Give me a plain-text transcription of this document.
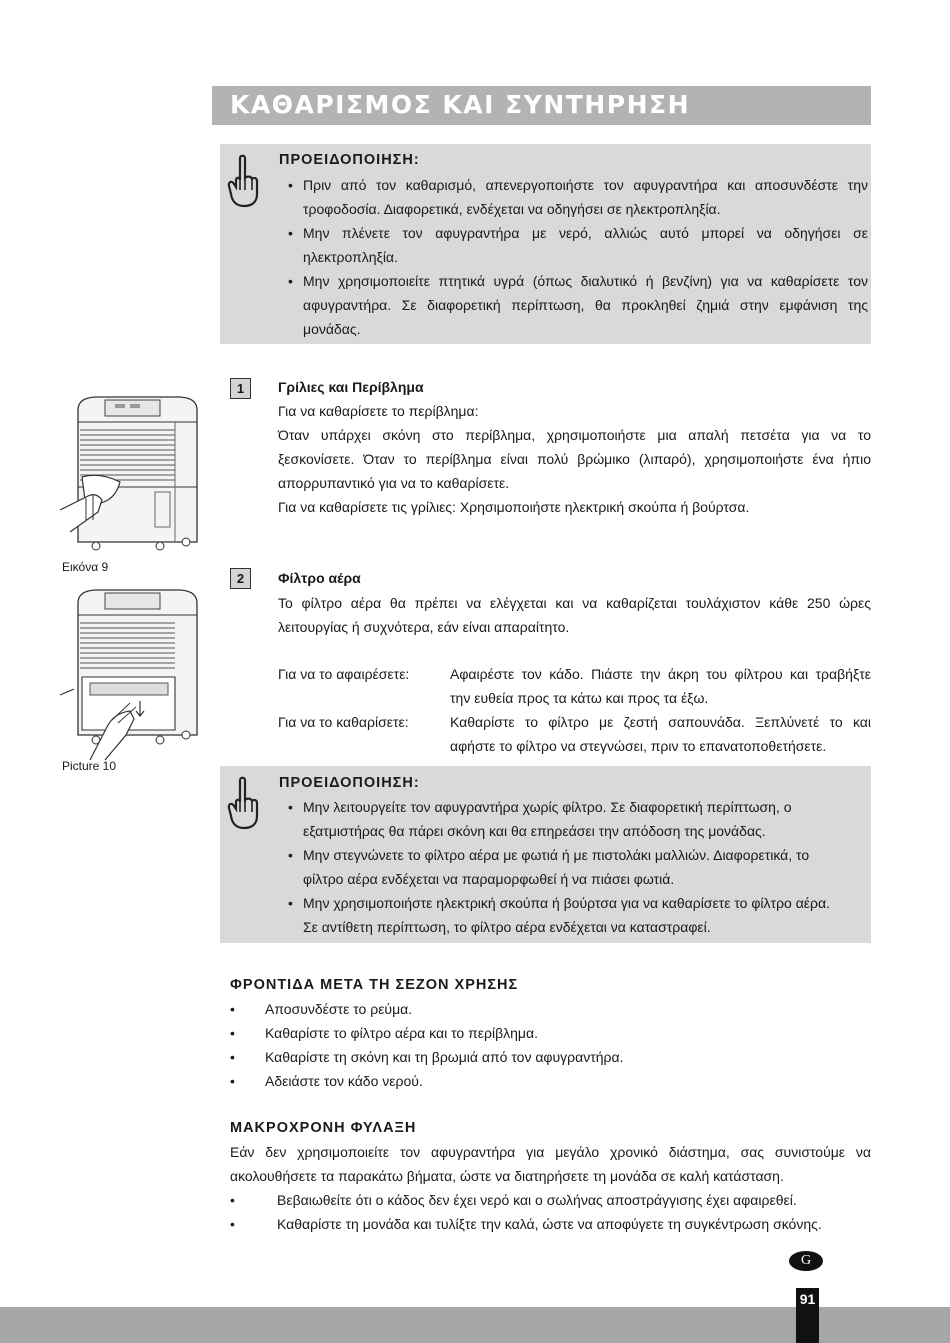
ΚΑΘΑΡΙΣΜΟΣ ΚΑΙ ΣΥΝΤΗΡΗΣΗ
ΠΡΟΕΙΔΟΠΟΙΗΣΗ:
• Πριν από τον καθαρισμό, απενεργοποιήστε τον αφυγραντήρα και αποσυνδέστε την τροφοδοσία. Διαφορετικά, ενδέχεται να οδηγήσει σε ηλεκτροπληξία.
• Μην πλένετε τον αφυγραντήρα με νερό, αλλιώς αυτό μπορεί να οδηγήσει σε ηλεκτροπληξία.
• Μην χρησιμοποιείτε πτητικά υγρά (όπως διαλυτικό ή βενζίνη) για να καθαρίσετε τον αφυγραντήρα. Σε διαφορετική περίπτωση, θα προκληθεί ζημιά στην εμφάνιση της μονάδας.
Εικόνα 9
1	Γρίλιες και Περίβλημα
Για να καθαρίσετε το περίβλημα:
Όταν υπάρχει σκόνη στο περίβλημα, χρησιμοποιήστε μια απαλή πετσέτα για να το
ξεσκονίσετε. Όταν το περίβλημα είναι πολύ βρώμικο (λιπαρό), χρησιμοποιήστε ένα ήπιο
απορρυπαντικό για να το καθαρίσετε.
Για να καθαρίσετε τις γρίλιες: Χρησιμοποιήστε ηλεκτρική σκούπα ή βούρτσα.
Picture 10
2	Φίλτρο αέρα
Το φίλτρο αέρα θα πρέπει να ελέγχεται και να καθαρίζεται τουλάχιστον κάθε 250 ώρες
λειτουργίας ή συχνότερα, εάν είναι απαραίτητο.
Για να το αφαιρέσετε:	Αφαιρέστε τον κάδο. Πιάστε την άκρη του φίλτρου και τραβήξτε
την ευθεία προς τα κάτω και προς τα έξω.
Για να το καθαρίσετε:	Καθαρίστε το φίλτρο με ζεστή σαπουνάδα. Ξεπλύνετέ το και
αφήστε το φίλτρο να στεγνώσει, πριν το επανατοποθετήσετε.
ΠΡΟΕΙΔΟΠΟΙΗΣΗ:
• Μην λειτουργείτε τον αφυγραντήρα χωρίς φίλτρο. Σε διαφορετική περίπτωση, ο εξατμιστήρας θα πάρει σκόνη και θα επηρεάσει την απόδοση της μονάδας.
• Μην στεγνώνετε το φίλτρο αέρα με φωτιά ή με πιστολάκι μαλλιών. Διαφορετικά, το φίλτρο αέρα ενδέχεται να παραμορφωθεί ή να πιάσει φωτιά.
• Μην χρησιμοποιήστε ηλεκτρική σκούπα ή βούρτσα για να καθαρίσετε το φίλτρο αέρα. Σε αντίθετη περίπτωση, το φίλτρο αέρα ενδέχεται να καταστραφεί.
ΦΡΟΝΤΙΔΑ ΜΕΤΑ ΤΗ ΣΕΖΟΝ ΧΡΗΣΗΣ
• Αποσυνδέστε το ρεύμα.
• Καθαρίστε το φίλτρο αέρα και το περίβλημα.
• Καθαρίστε τη σκόνη και τη βρωμιά από τον αφυγραντήρα.
• Αδειάστε τον κάδο νερού.
ΜΑΚΡΟΧΡΟΝΗ ΦΥΛΑΞΗ
Εάν δεν χρησιμοποιείτε τον αφυγραντήρα για μεγάλο χρονικό διάστημα, σας συνιστούμε να
ακολουθήσετε τα παρακάτω βήματα, ώστε να διατηρήσετε τη μονάδα σε καλή κατάσταση.
•	Βεβαιωθείτε ότι ο κάδος δεν έχει νερό και ο σωλήνας αποστράγγισης έχει αφαιρεθεί.
•	Καθαρίστε τη μονάδα και τυλίξτε την καλά, ώστε να αποφύγετε τη συγκέντρωση σκόνης.
G
91
